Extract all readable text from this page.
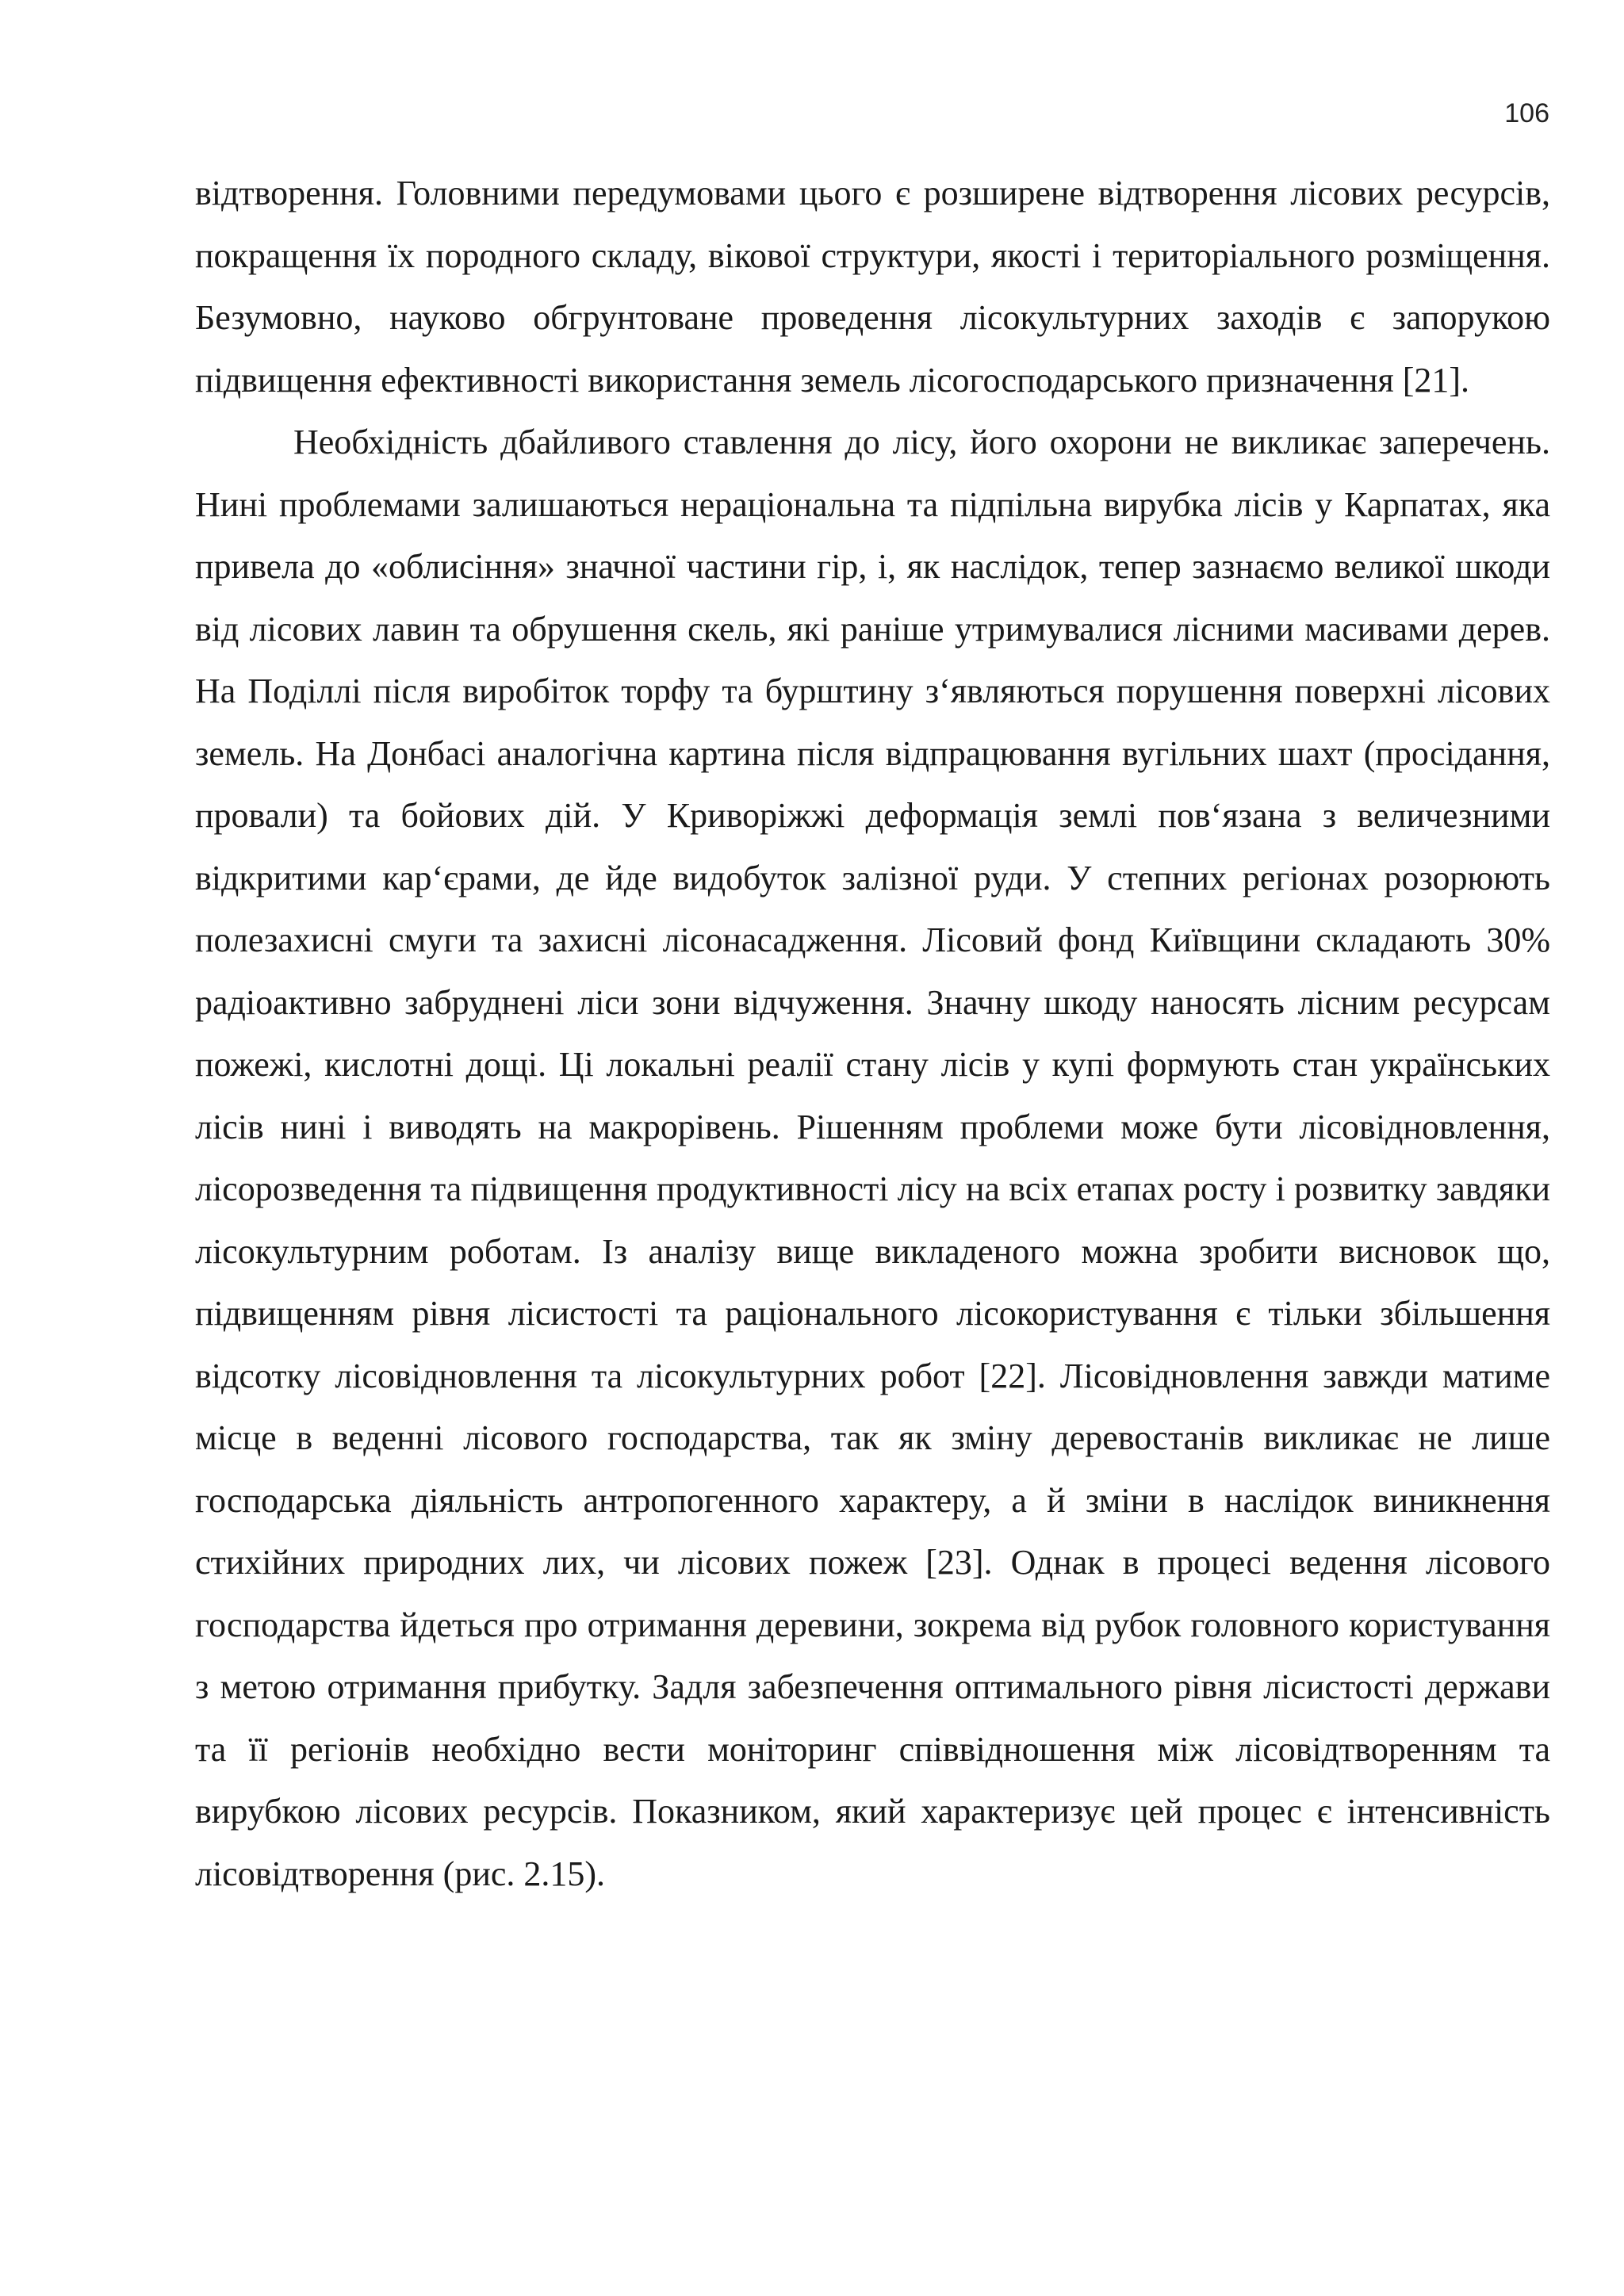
106

відтворення. Головними передумовами цього є розширене відтворення лісових ресурсів, покращення їх породного складу, вікової структури, якості і територіального розміщення. Безумовно, науково обгрунтоване проведення лісокультурних заходів є запорукою підвищення ефективності використання земель лісогосподарського призначення [21].

Необхідність дбайливого ставлення до лісу, його охорони не викликає заперечень. Нині проблемами залишаються нераціональна та підпільна вирубка лісів у Карпатах, яка привела до «облисіння» значної частини гір, і, як наслідок, тепер зазнаємо великої шкоди від лісових лавин та обрушення скель, які раніше утримувалися лісними масивами дерев. На Поділлі після виробіток торфу та бурштину з‘являються порушення поверхні лісових земель. На Донбасі аналогічна картина після відпрацювання вугільних шахт (просідання, провали) та бойових дій. У Криворіжжі деформація землі пов‘язана з величезними відкритими кар‘єрами, де йде видобуток залізної руди. У степних регіонах розорюють полезахисні смуги та захисні лісонасадження. Лісовий фонд Київщини складають 30% радіоактивно забруднені ліси зони відчуження. Значну шкоду наносять лісним ресурсам пожежі, кислотні дощі. Ці локальні реалії стану лісів у купі формують стан українських лісів нині і виводять на макрорівень. Рішенням проблеми може бути лісовідновлення, лісорозведення та підвищення продуктивності лісу на всіх етапах росту і розвитку завдяки лісокультурним роботам. Із аналізу вище викладеного можна зробити висновок що, підвищенням рівня лісистості та раціонального лісокористування є тільки збільшення відсотку лісовідновлення та лісокультурних робот [22]. Лісовідновлення завжди матиме місце в веденні лісового господарства, так як зміну деревостанів викликає не лише господарська діяльність антропогенного характеру, а й зміни в наслідок виникнення стихійних природних лих, чи лісових пожеж [23]. Однак в процесі ведення лісового господарства йдеться про отримання деревини, зокрема від рубок головного користування з метою отримання прибутку. Задля забезпечення оптимального рівня лісистості держави та її регіонів необхідно вести моніторинг співвідношення між лісовідтворенням та вирубкою лісових ресурсів. Показником, який характеризує цей процес є інтенсивність лісовідтворення (рис. 2.15).
